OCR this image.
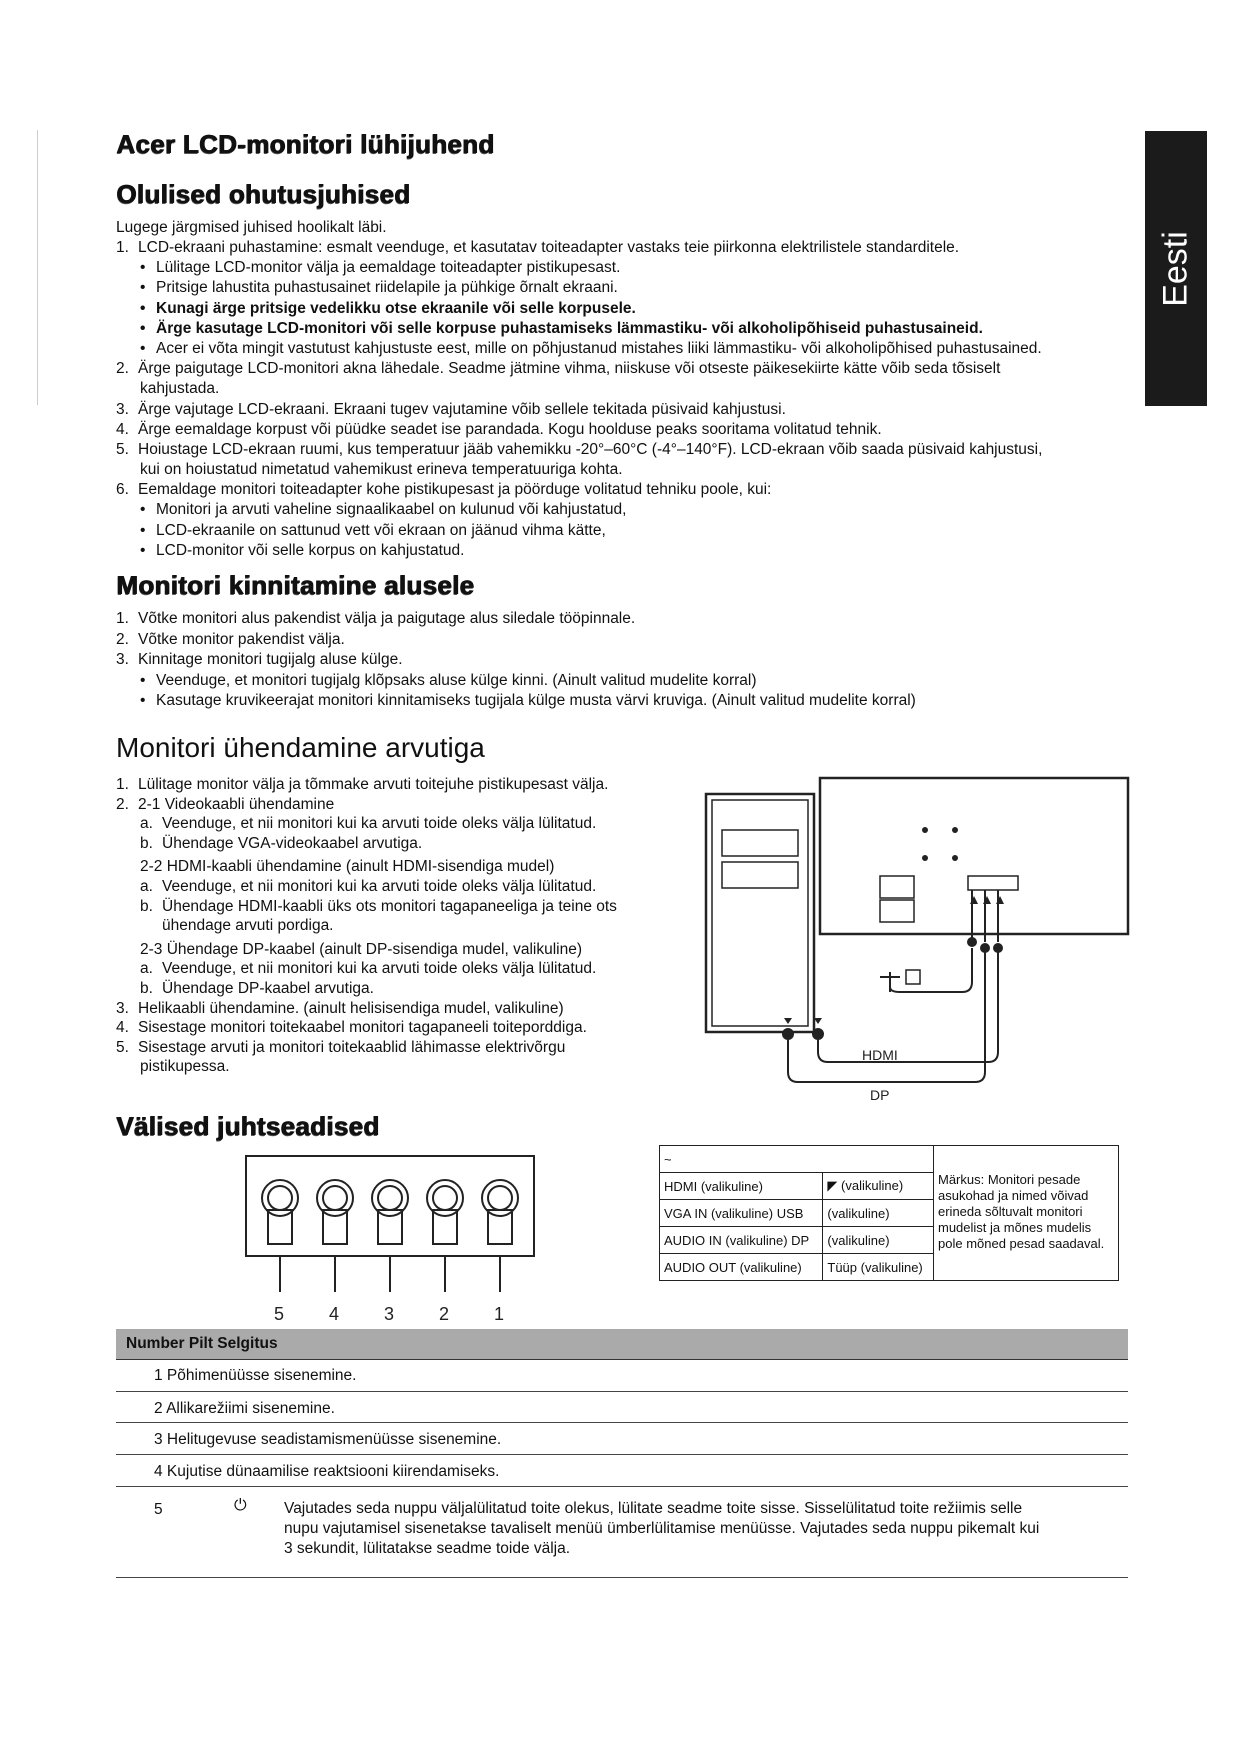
Eesti
Acer LCD-monitori lühijuhend
Olulised ohutusjuhised
Lugege järgmised juhised hoolikalt läbi.
1. LCD-ekraani puhastamine: esmalt veenduge, et kasutatav toiteadapter vastaks teie piirkonna elektrilistele standarditele.
• Lülitage LCD-monitor välja ja eemaldage toiteadapter pistikupesast.
• Pritsige lahustita puhastusainet riidelapile ja pühkige õrnalt ekraani.
• Kunagi ärge pritsige vedelikku otse ekraanile või selle korpusele.
• Ärge kasutage LCD-monitori või selle korpuse puhastamiseks lämmastiku- või alkoholipõhiseid puhastusaineid.
• Acer ei võta mingit vastutust kahjustuste eest, mille on põhjustanud mistahes liiki lämmastiku- või alkoholipõhised puhastusained.
2. Ärge paigutage LCD-monitori akna lähedale. Seadme jätmine vihma, niiskuse või otseste päikesekiirte kätte võib seda tõsiselt
kahjustada.
3. Ärge vajutage LCD-ekraani. Ekraani tugev vajutamine võib sellele tekitada püsivaid kahjustusi.
4. Ärge eemaldage korpust või püüdke seadet ise parandada. Kogu hoolduse peaks sooritama volitatud tehnik.
5. Hoiustage LCD-ekraan ruumi, kus temperatuur jääb vahemikku -20°–60°C (-4°–140°F). LCD-ekraan võib saada püsivaid kahjustusi,
kui on hoiustatud nimetatud vahemikust erineva temperatuuriga kohta.
6. Eemaldage monitori toiteadapter kohe pistikupesast ja pöörduge volitatud tehniku poole, kui:
• Monitori ja arvuti vaheline signaalikaabel on kulunud või kahjustatud,
• LCD-ekraanile on sattunud vett või ekraan on jäänud vihma kätte,
• LCD-monitor või selle korpus on kahjustatud.
Monitori kinnitamine alusele
1. Võtke monitori alus pakendist välja ja paigutage alus siledale tööpinnale.
2. Võtke monitor pakendist välja.
3. Kinnitage monitori tugijalg aluse külge.
• Veenduge, et monitori tugijalg klõpsaks aluse külge kinni. (Ainult valitud mudelite korral)
• Kasutage kruvikeerajat monitori kinnitamiseks tugijala külge musta värvi kruviga. (Ainult valitud mudelite korral)
Monitori ühendamine arvutiga
1. Lülitage monitor välja ja tõmmake arvuti toitejuhe pistikupesast välja.
2. 2-1 Videokaabli ühendamine
a. Veenduge, et nii monitori kui ka arvuti toide oleks välja lülitatud.
b. Ühendage VGA-videokaabel arvutiga.
2-2 HDMI-kaabli ühendamine (ainult HDMI-sisendiga mudel)
a. Veenduge, et nii monitori kui ka arvuti toide oleks välja lülitatud.
b. Ühendage HDMI-kaabli üks ots monitori tagapaneeliga ja teine ots
ühendage arvuti pordiga.
2-3 Ühendage DP-kaabel (ainult DP-sisendiga mudel, valikuline)
a. Veenduge, et nii monitori kui ka arvuti toide oleks välja lülitatud.
b. Ühendage DP-kaabel arvutiga.
3. Helikaabli ühendamine. (ainult helisisendiga mudel, valikuline)
4. Sisestage monitori toitekaabel monitori tagapaneeli toiteporddiga.
5. Sisestage arvuti ja monitori toitekaablid lähimasse elektrivõrgu
pistikupessa.
HDMI
DP
Välised juhtseadised
5 4 3 2 1
~		Märkus: Monitori pesade
asukohad ja nimed võivad
erineda sõltuvalt monitori
mudelist ja mõnes mudelis
pole mõned pesad saadaval.

HDMI (valikuline)	◤ (valikuline)	
VGA IN (valikuline) USB	(valikuline)	
AUDIO IN (valikuline) DP	(valikuline)	
AUDIO OUT (valikuline)	Tüüp (valikuline)	
Number Pilt Selgitus
1 Põhimenüüsse sisenemine.
2 Allikarežiimi sisenemine.
3 Helitugevuse seadistamismenüüsse sisenemine.
4 Kujutise dünaamilise reaktsiooni kiirendamiseks.
5	⏻ Vajutades seda nuppu väljalülitatud toite olekus, lülitate seadme toite sisse. Sisselülitatud toite režiimis selle
nupu vajutamisel sisenetakse tavaliselt menüü ümberlülitamise menüüsse. Vajutades seda nuppu pikemalt kui
3 sekundit, lülitatakse seadme toide välja.
